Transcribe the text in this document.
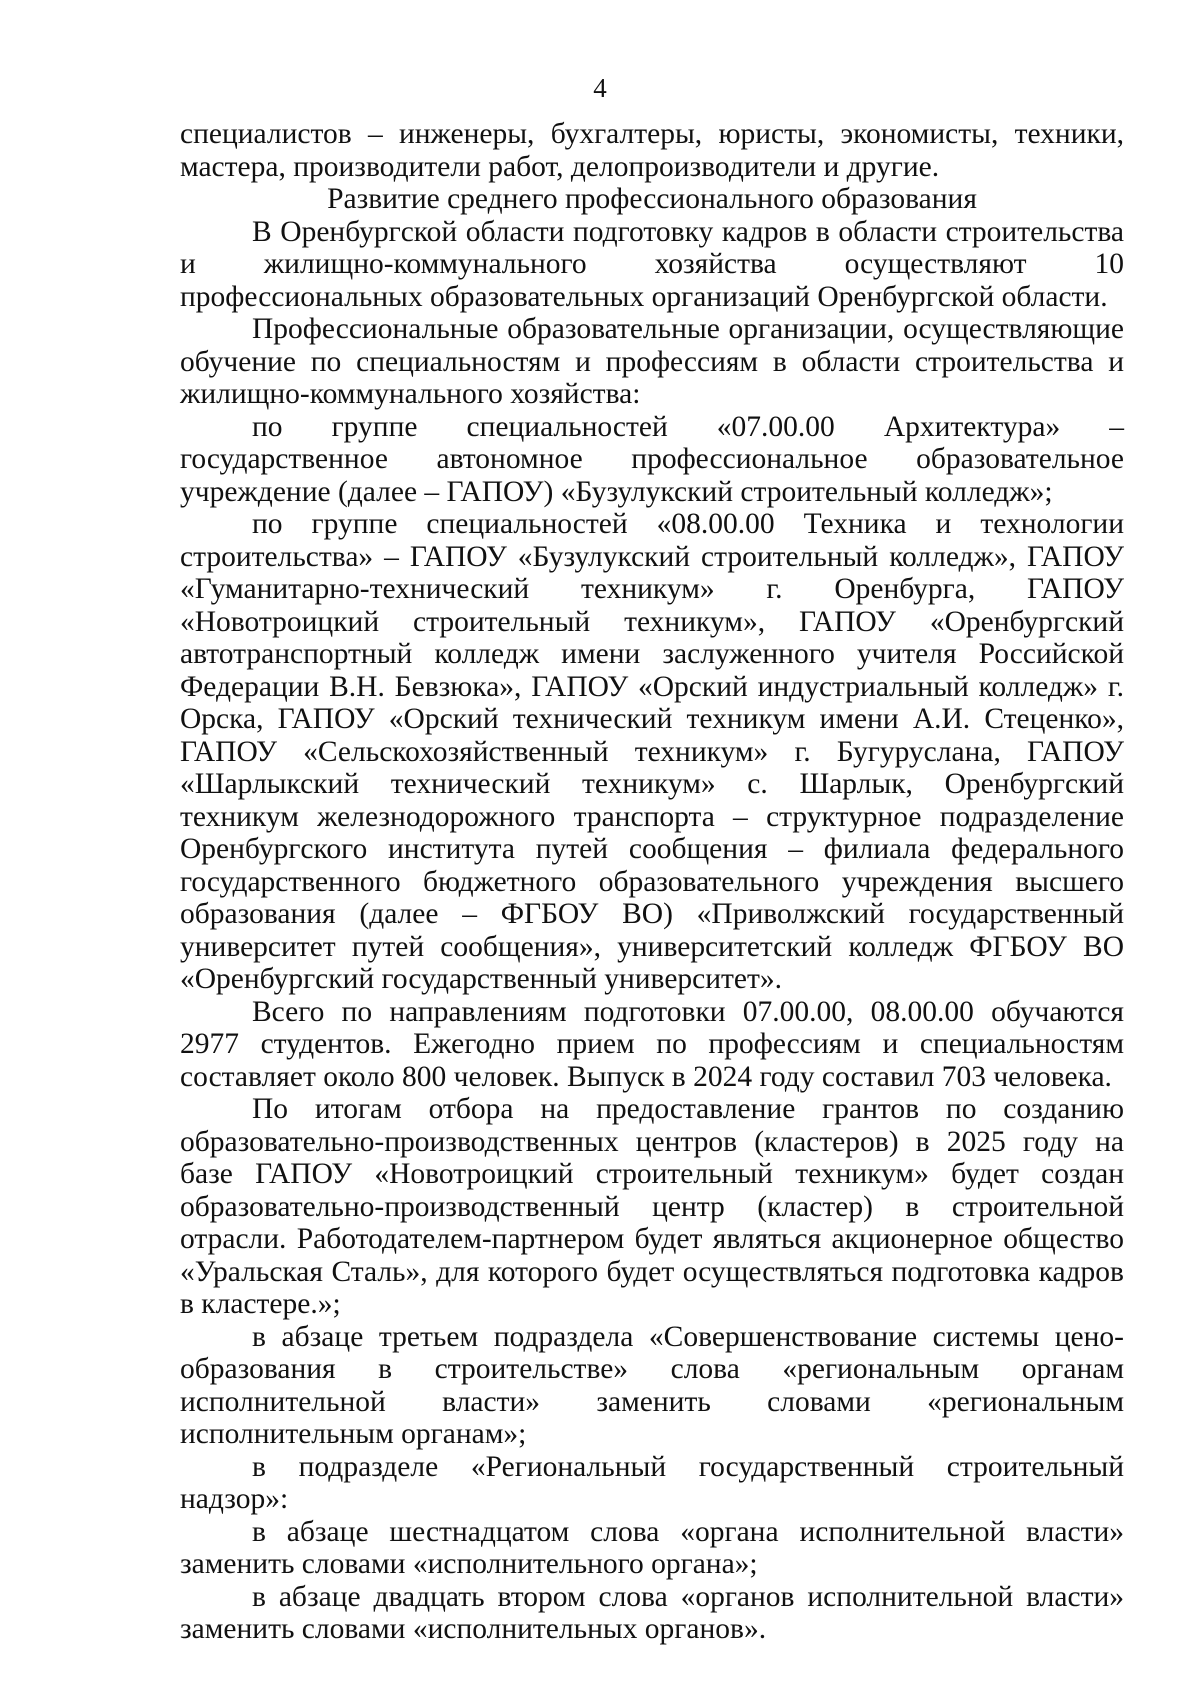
4

специалистов – инженеры, бухгалтеры, юристы, экономисты, техники, мастера, производители работ, делопроизводители и другие.

Развитие среднего профессионального образования

В Оренбургской области подготовку кадров в области строительства и жилищно-коммунального хозяйства осуществляют 10 профессиональных образовательных организаций Оренбургской области.

Профессиональные образовательные организации, осуществляющие обучение по специальностям и профессиям в области строительства и жилищно-коммунального хозяйства:

по группе специальностей «07.00.00 Архитектура» – государственное автономное профессиональное образовательное учреждение (далее – ГАПОУ) «Бузулукский строительный колледж»;

по группе специальностей «08.00.00 Техника и технологии строительства» – ГАПОУ «Бузулукский строительный колледж», ГАПОУ «Гуманитарно-технический техникум» г. Оренбурга, ГАПОУ «Новотроицкий строительный техникум», ГАПОУ «Оренбургский автотранспортный колледж имени заслуженного учителя Российской Федерации В.Н. Бевзюка», ГАПОУ «Орский индустриальный колледж» г. Орска, ГАПОУ «Орский технический техникум имени А.И. Стеценко», ГАПОУ «Сельскохозяйственный техникум» г. Бугуруслана, ГАПОУ «Шарлыкский технический техникум» с. Шарлык, Оренбургский техникум железнодорожного транспорта – структурное подразделение Оренбургского института путей сообщения – филиала федерального государственного бюджетного образовательного учреждения высшего образования (далее – ФГБОУ ВО) «Приволжский государственный университет путей сообщения», университетский колледж ФГБОУ ВО «Оренбургский государственный университет».

Всего по направлениям подготовки 07.00.00, 08.00.00 обучаются 2977 студентов. Ежегодно прием по профессиям и специальностям составляет около 800 человек. Выпуск в 2024 году составил 703 человека.

По итогам отбора на предоставление грантов по созданию образовательно-производственных центров (кластеров) в 2025 году на базе ГАПОУ «Новотроицкий строительный техникум» будет создан образовательно-производственный центр (кластер) в строительной отрасли. Работодателем-партнером будет являться акционерное общество «Уральская Сталь», для которого будет осуществляться подготовка кадров в кластере.»;

в абзаце третьем подраздела «Совершенствование системы цено-образования в строительстве» слова «региональным органам исполнительной власти» заменить словами «региональным исполнительным органам»;

в подразделе «Региональный государственный строительный надзор»:

в абзаце шестнадцатом слова «органа исполнительной власти» заменить словами «исполнительного органа»;

в абзаце двадцать втором слова «органов исполнительной власти» заменить словами «исполнительных органов».
